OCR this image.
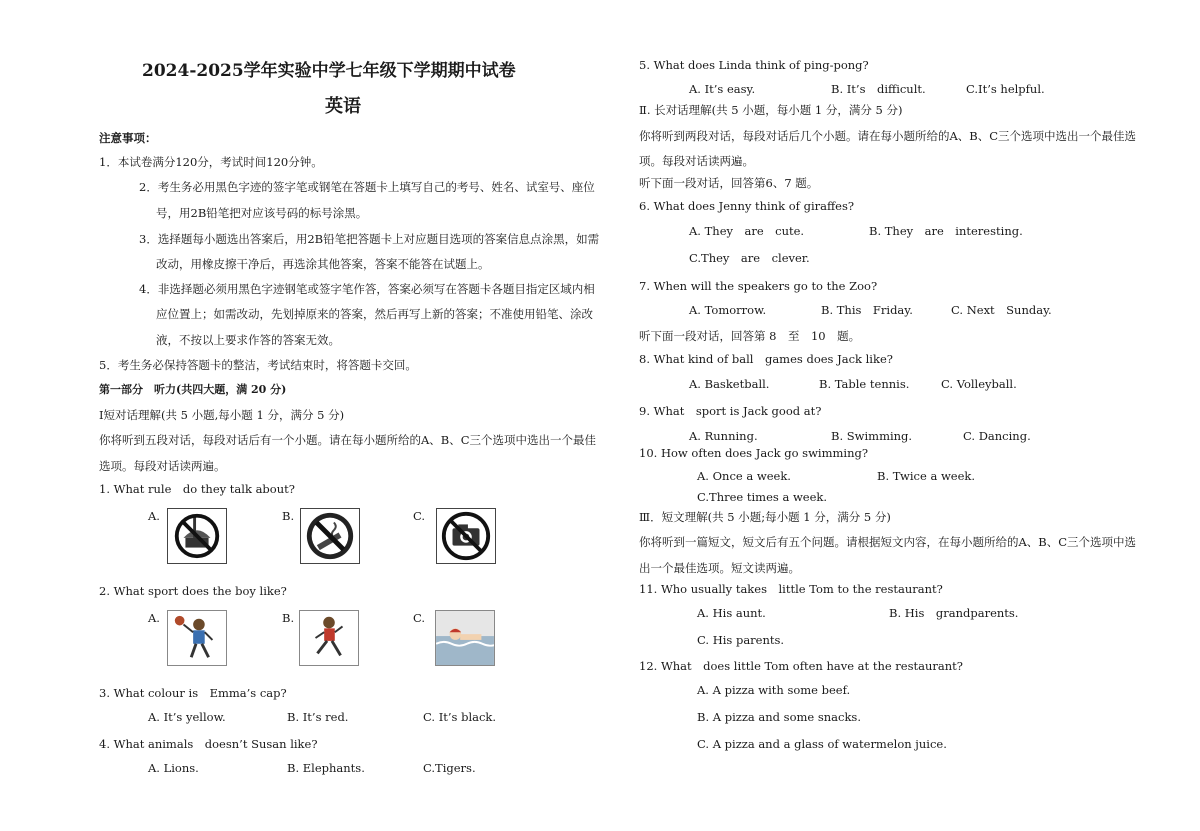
2024-2025学年实验中学七年级下学期期中试卷
英语
注意事项：
1．本试卷满分120分，考试时间120分钟。
2．考生务必用黑色字迹的签字笔或钢笔在答题卡上填写自己的考号、姓名、试室号、座位
号，用2B铅笔把对应该号码的标号涂黑。
3．选择题每小题选出答案后，用2B铅笔把答题卡上对应题目选项的答案信息点涂黑，如需
改动，用橡皮擦干净后，再选涂其他答案，答案不能答在试题上。
4．非选择题必须用黑色字迹钢笔或签字笔作答，答案必须写在答题卡各题目指定区域内相
应位置上；如需改动，先划掉原来的答案，然后再写上新的答案；不准使用铅笔、涂改
液，不按以上要求作答的答案无效。
5．考生务必保持答题卡的整洁，考试结束时，将答题卡交回。
第一部分　听力(共四大题，满 20 分)
Ⅰ短对话理解(共 5 小题,每小题 1 分，满分 5 分)
你将听到五段对话，每段对话后有一个小题。请在每小题所给的A、B、C三个选项中选出一个最佳
选项。每段对话读两遍。
1. What rule　do they talk about?
A.	B.	C.
2. What sport does the boy like?
A.	B.	C.
3. What colour is　Emma’s cap?
A. It’s yellow.	B. It’s red.	C. It’s black.
4. What animals　doesn’t Susan like?
A. Lions.	B. Elephants.	C.Tigers.
5. What does Linda think of ping-pong?
A. It’s easy.	B. It’s　difficult.	C.It’s helpful.
Ⅱ. 长对话理解(共 5 小题，每小题 1 分，满分 5 分)
你将听到两段对话，每段对话后几个小题。请在每小题所给的A、B、C三个选项中选出一个最佳选
项。每段对话读两遍。
听下面一段对话，回答第6、7 题。
6. What does Jenny think of giraffes?
A. They　are　cute.	B. They　are　interesting.
C.They　are　clever.
7. When will the speakers go to the Zoo?
A. Tomorrow.	B. This　Friday.	C. Next　Sunday.
听下面一段对话，回答第 8　至　10　题。
8. What kind of ball　games does Jack like?
A. Basketball.	B. Table tennis.	C. Volleyball.
9. What　sport is Jack good at?
A. Running.	B. Swimming.	C. Dancing.
10. How often does Jack go swimming?
A. Once a week.	B. Twice a week.
C.Three times a week.
Ⅲ．短文理解(共 5 小题;每小题 1 分，满分 5 分)
你将听到一篇短文，短文后有五个问题。请根据短文内容，在每小题所给的A、B、C三个选项中选
出一个最佳选项。短文读两遍。
11. Who usually takes　little Tom to the restaurant?
A. His aunt.	B. His　grandparents.
C. His parents.
12. What　does little Tom often have at the restaurant?
A. A pizza with some beef.
B. A pizza and some snacks.
C. A pizza and a glass of watermelon juice.
